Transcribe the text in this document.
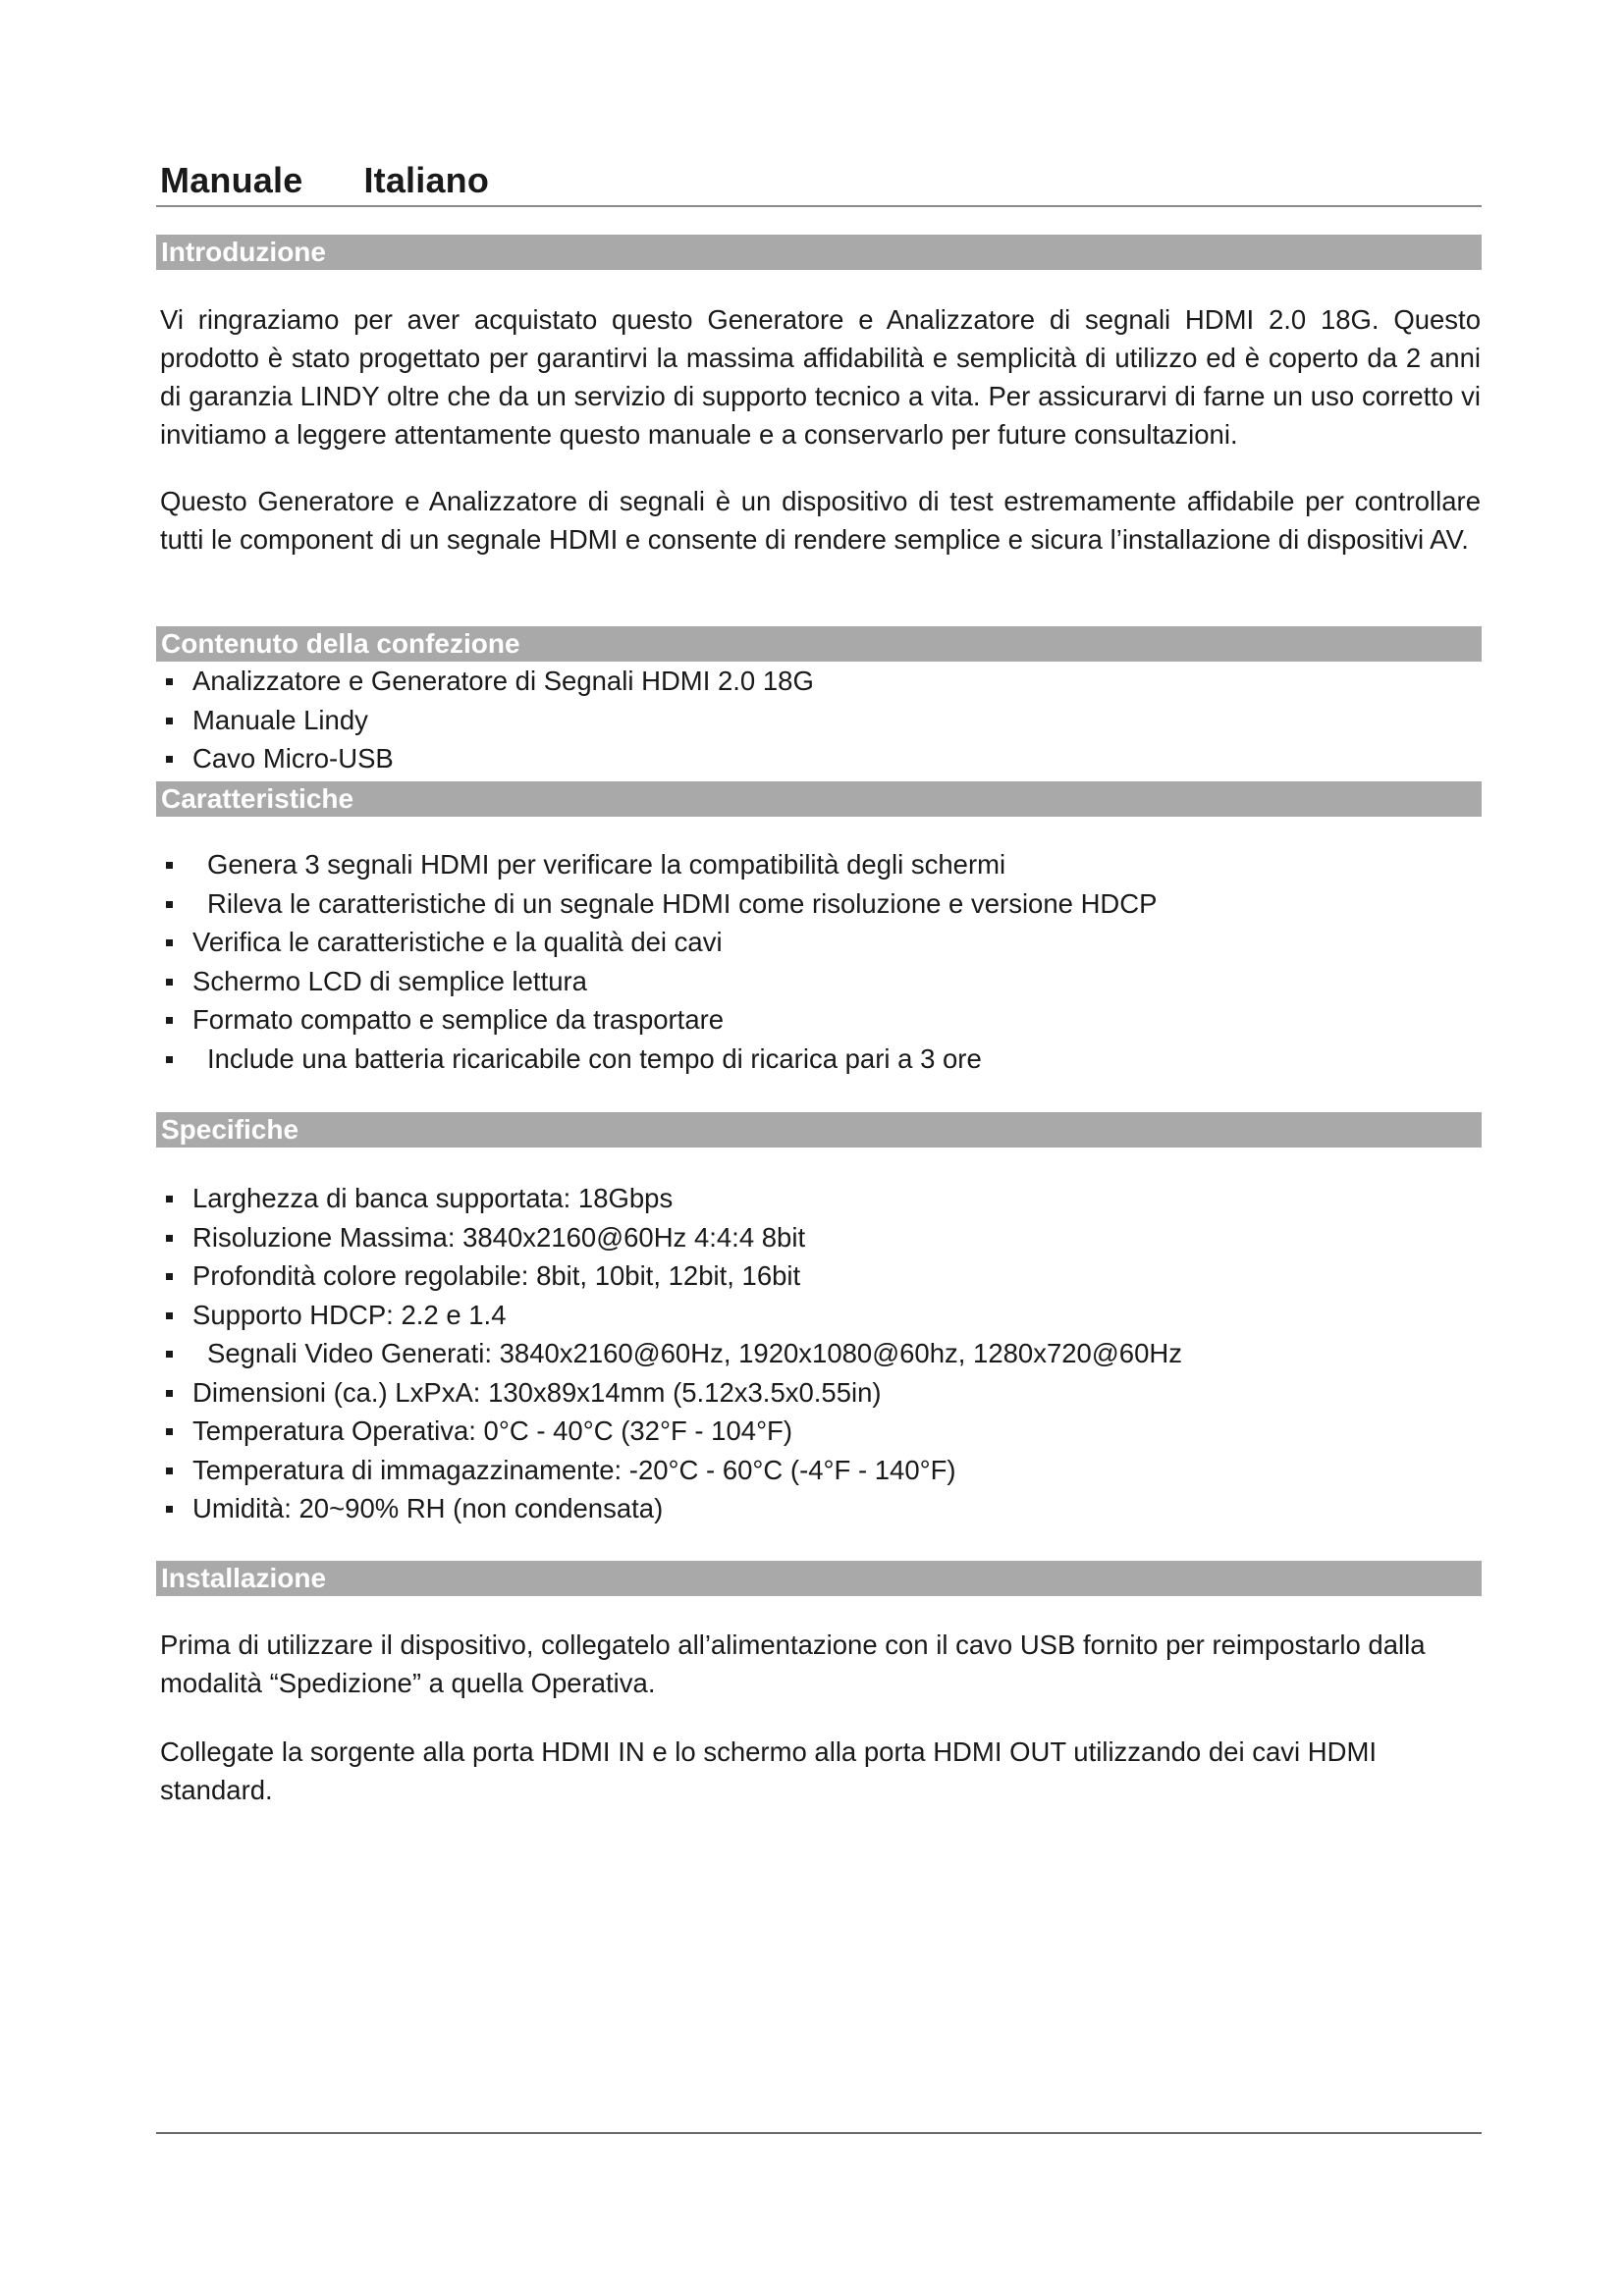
Manuale Italiano
Introduzione

Vi ringraziamo per aver acquistato questo Generatore e Analizzatore di segnali HDMI 2.0 18G. Questo prodotto è stato progettato per garantirvi la massima affidabilità e semplicità di utilizzo ed è coperto da 2 anni di garanzia LINDY oltre che da un servizio di supporto tecnico a vita. Per assicurarvi di farne un uso corretto vi invitiamo a leggere attentamente questo manuale e a conservarlo per future consultazioni.

Questo Generatore e Analizzatore di segnali è un dispositivo di test estremamente affidabile per controllare tutti le component di un segnale HDMI e consente di rendere semplice e sicura l’installazione di dispositivi AV.

Contenuto della confezione
Analizzatore e Generatore di Segnali HDMI 2.0 18G
Manuale Lindy
Cavo Micro-USB
Caratteristiche
Genera 3 segnali HDMI per verificare la compatibilità degli schermi
Rileva le caratteristiche di un segnale HDMI come risoluzione e versione HDCP
Verifica le caratteristiche e la qualità dei cavi
Schermo LCD di semplice lettura
Formato compatto e semplice da trasportare
Include una batteria ricaricabile con tempo di ricarica pari a 3 ore
Specifiche
Larghezza di banca supportata: 18Gbps
Risoluzione Massima: 3840x2160@60Hz 4:4:4 8bit
Profondità colore regolabile: 8bit, 10bit, 12bit, 16bit
Supporto HDCP: 2.2 e 1.4
Segnali Video Generati: 3840x2160@60Hz, 1920x1080@60hz, 1280x720@60Hz
Dimensioni (ca.) LxPxA: 130x89x14mm (5.12x3.5x0.55in)
Temperatura Operativa: 0°C - 40°C (32°F - 104°F)
Temperatura di immagazzinamente: -20°C - 60°C (-4°F - 140°F)
Umidità: 20~90% RH (non condensata)
Installazione

Prima di utilizzare il dispositivo, collegatelo all’alimentazione con il cavo USB fornito per reimpostarlo dalla modalità “Spedizione” a quella Operativa.

Collegate la sorgente alla porta HDMI IN e lo schermo alla porta HDMI OUT utilizzando dei cavi HDMI standard.
